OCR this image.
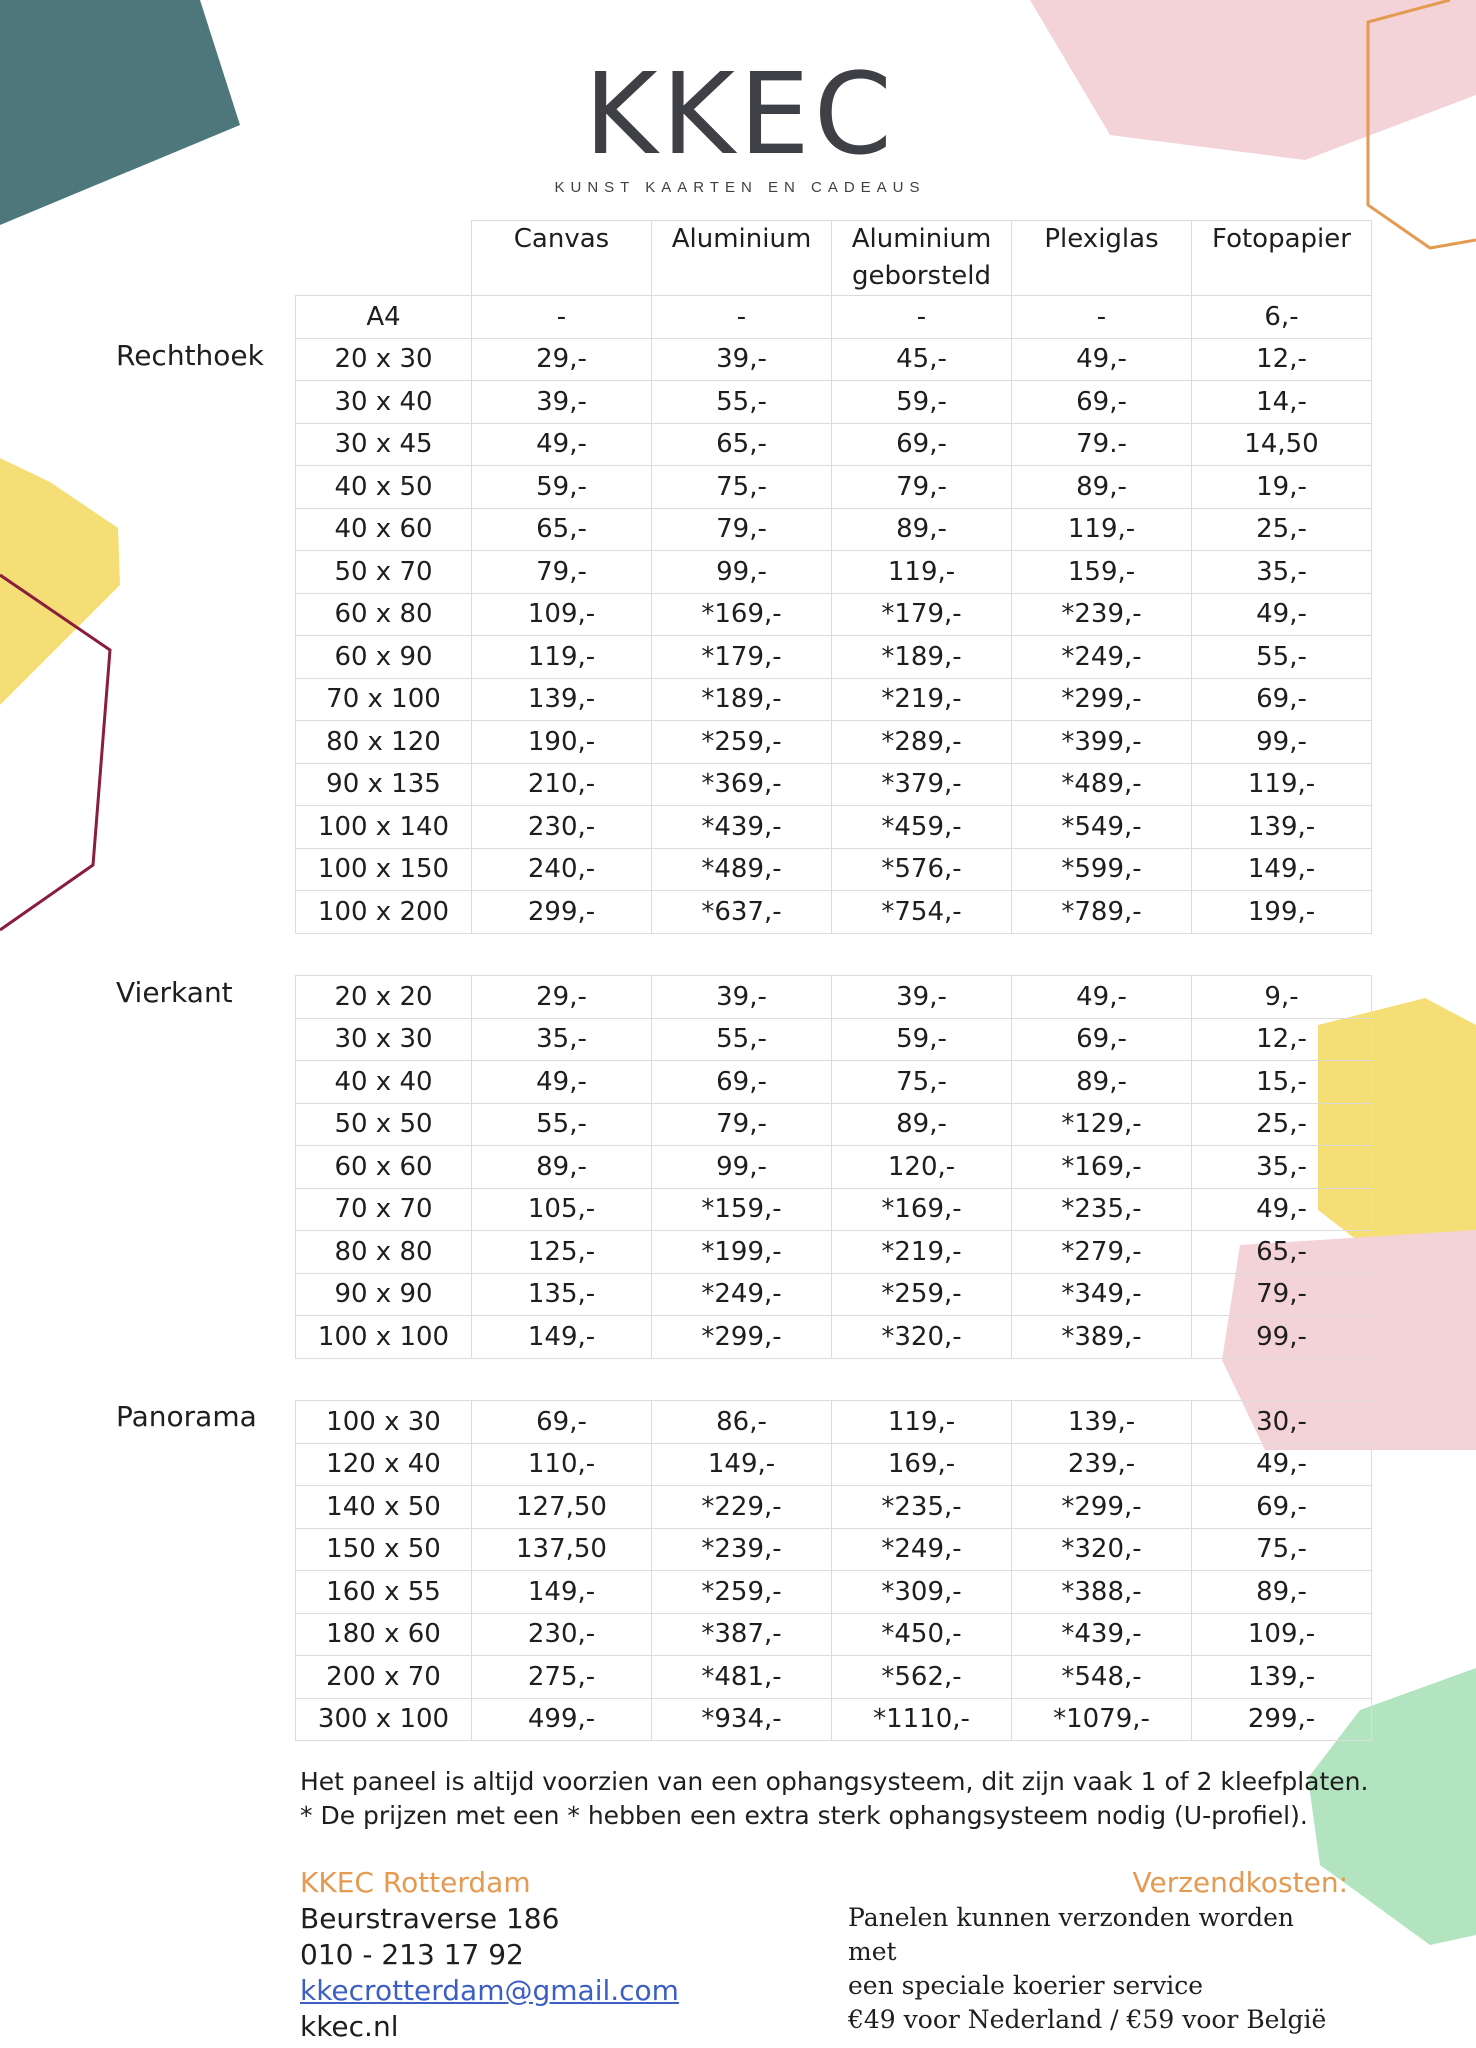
KKEC
KUNST KAARTEN EN CADEAUS
Rechthoek
Vierkant
Panorama
	Canvas	Aluminium	Aluminium geborsteld	Plexiglas	Fotopapier
A4	-	-	-	-	6,-
20 x 30	29,-	39,-	45,-	49,-	12,-
30 x 40	39,-	55,-	59,-	69,-	14,-
30 x 45	49,-	65,-	69,-	79.-	14,50
40 x 50	59,-	75,-	79,-	89,-	19,-
40 x 60	65,-	79,-	89,-	119,-	25,-
50 x 70	79,-	99,-	119,-	159,-	35,-
60 x 80	109,-	*169,-	*179,-	*239,-	49,-
60 x 90	119,-	*179,-	*189,-	*249,-	55,-
70 x 100	139,-	*189,-	*219,-	*299,-	69,-
80 x 120	190,-	*259,-	*289,-	*399,-	99,-
90 x 135	210,-	*369,-	*379,-	*489,-	119,-
100 x 140	230,-	*439,-	*459,-	*549,-	139,-
100 x 150	240,-	*489,-	*576,-	*599,-	149,-
100 x 200	299,-	*637,-	*754,-	*789,-	199,-
20 x 20	29,-	39,-	39,-	49,-	9,-
30 x 30	35,-	55,-	59,-	69,-	12,-
40 x 40	49,-	69,-	75,-	89,-	15,-
50 x 50	55,-	79,-	89,-	*129,-	25,-
60 x 60	89,-	99,-	120,-	*169,-	35,-
70 x 70	105,-	*159,-	*169,-	*235,-	49,-
80 x 80	125,-	*199,-	*219,-	*279,-	65,-
90 x 90	135,-	*249,-	*259,-	*349,-	79,-
100 x 100	149,-	*299,-	*320,-	*389,-	99,-
100 x 30	69,-	86,-	119,-	139,-	30,-
120 x 40	110,-	149,-	169,-	239,-	49,-
140 x 50	127,50	*229,-	*235,-	*299,-	69,-
150 x 50	137,50	*239,-	*249,-	*320,-	75,-
160 x 55	149,-	*259,-	*309,-	*388,-	89,-
180 x 60	230,-	*387,-	*450,-	*439,-	109,-
200 x 70	275,-	*481,-	*562,-	*548,-	139,-
300 x 100	499,-	*934,-	*1110,-	*1079,-	299,-
Het paneel is altijd voorzien van een ophangsysteem, dit zijn vaak 1 of 2 kleefplaten.
* De prijzen met een * hebben een extra sterk ophangsysteem nodig (U-profiel).
KKEC Rotterdam
Beurstraverse 186
010 - 213 17 92
kkecrotterdam@gmail.com
kkec.nl
Verzendkosten:
Panelen kunnen verzonden worden met
een speciale koerier service
€49 voor Nederland / €59 voor België
